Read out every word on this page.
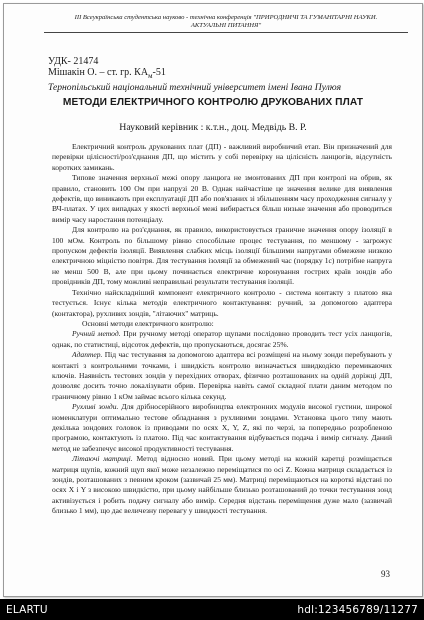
III Всеукраїнська студентська науково - технічна конференція "ПРИРОДНИЧІ ТА ГУМАНІТАРНІ НАУКИ.
АКТУАЛЬНІ ПИТАННЯ"
УДК- 21474
Мішакін О. – ст. гр. $КА_м-51$
Тернопільський національний технічний університет імені Івана Пулюя
МЕТОДИ ЕЛЕКТРИЧНОГО КОНТРОЛЮ ДРУКОВАНИХ ПЛАТ
Науковий керівник : к.т.н., доц. Медвідь В. Р.

Електричний контроль друкованих плат (ДП) - важливий виробничий етап. Він призначений для перевірки цілісності/роз'єднання ДП, що містить у собі перевірку на цілісність ланцюгів, відсутність коротких замикань.

Типове значення верхньої межі опору ланцюга не змонтованих ДП при контролі на обрив, як правило, становить 100 Ом при напрузі 20 В. Однак найчастіше це значення велике для виявлення дефектів, що виникають при експлуатації ДП або пов'язаних зі збільшенням часу проходження сигналу у ВЧ-платах. У цих випадках у якості верхньої межі вибирається більш низьке значення або проводиться вимір часу наростання потенціалу.

Для контролю на роз'єднання, як правило, використовується граничне значення опору ізоляції в 100 мОм. Контроль по більшому рівню способільне процес тестування, по меншому - загрожує пропуском дефектів ізоляції. Виявлення слабких місць ізоляції більшими напругами обмежене низкою електричною міцністю повітря. Для тестування ізоляції за обмежений час (порядку 1с) потрібне напруга не менш 500 В, але при цьому починається електричне коронування гострих країв зондів або провідників ДП, тому можливі неправильні результати тестування ізоляції.

Технічно найскладніший компонент електричного контролю - система контакту з платою яка тестується. Існує кілька методів електричного контактування: ручний, за допомогою адаптера (контактора), рухливих зондів, "літаючих" матриць.

Основні методи електричного контролю:

Ручний метод. При ручному методі оператор щупами послідовно проводить тест усіх ланцюгів, однак, по статистиці, відсоток дефектів, що пропускаються, досягає 25%.

Адаптер. Під час тестування за допомогою адаптера всі розміщені на ньому зонди перебувають у контакті з контрольними точками, і швидкість контролю визначається швидкодією перемикаючих ключів. Наявність тестових зондів у перехідних отворах, фізично розташованих на одній доріжці ДП, дозволяє досить точно локалізувати обрив. Перевірка навіть самої складної плати даним методом по граничному рівню 1 кОм займає всього кілька секунд.

Рухливі зонди. Для дрібносерійного виробництва електронних модулів високої густини, широкої номенклатури оптимально тестове обладнання з рухливими зондами. Установка цього типу мають декілька зондових головок із приводами по осях X, Y, Z, які по черзі, за попередньо розробленою програмою, контактують із платою. Під час контактування відбувається подача і вимір сигналу. Даний метод не забезпечує високої продуктивності тестування.

Літаючі матриці. Метод відносно новий. При цьому методі на кожній каретці розміщається матриця щупів, кожний щуп якої може незалежно переміщатися по осі Z. Кожна матриця складається із зондів, розташованих з певним кроком (зазвичай 25 мм). Матриці переміщаються на короткі відстані по осях X і Y з високою швидкістю, при цьому найбільше близько розташований до точки тестування зонд активізується і робить подачу сигналу або вимір. Середня відстань переміщення дуже мало (зазвичай близько 1 мм), що дає величезну перевагу у швидкості тестування.

93
ELARTU	hdl:123456789/11277
